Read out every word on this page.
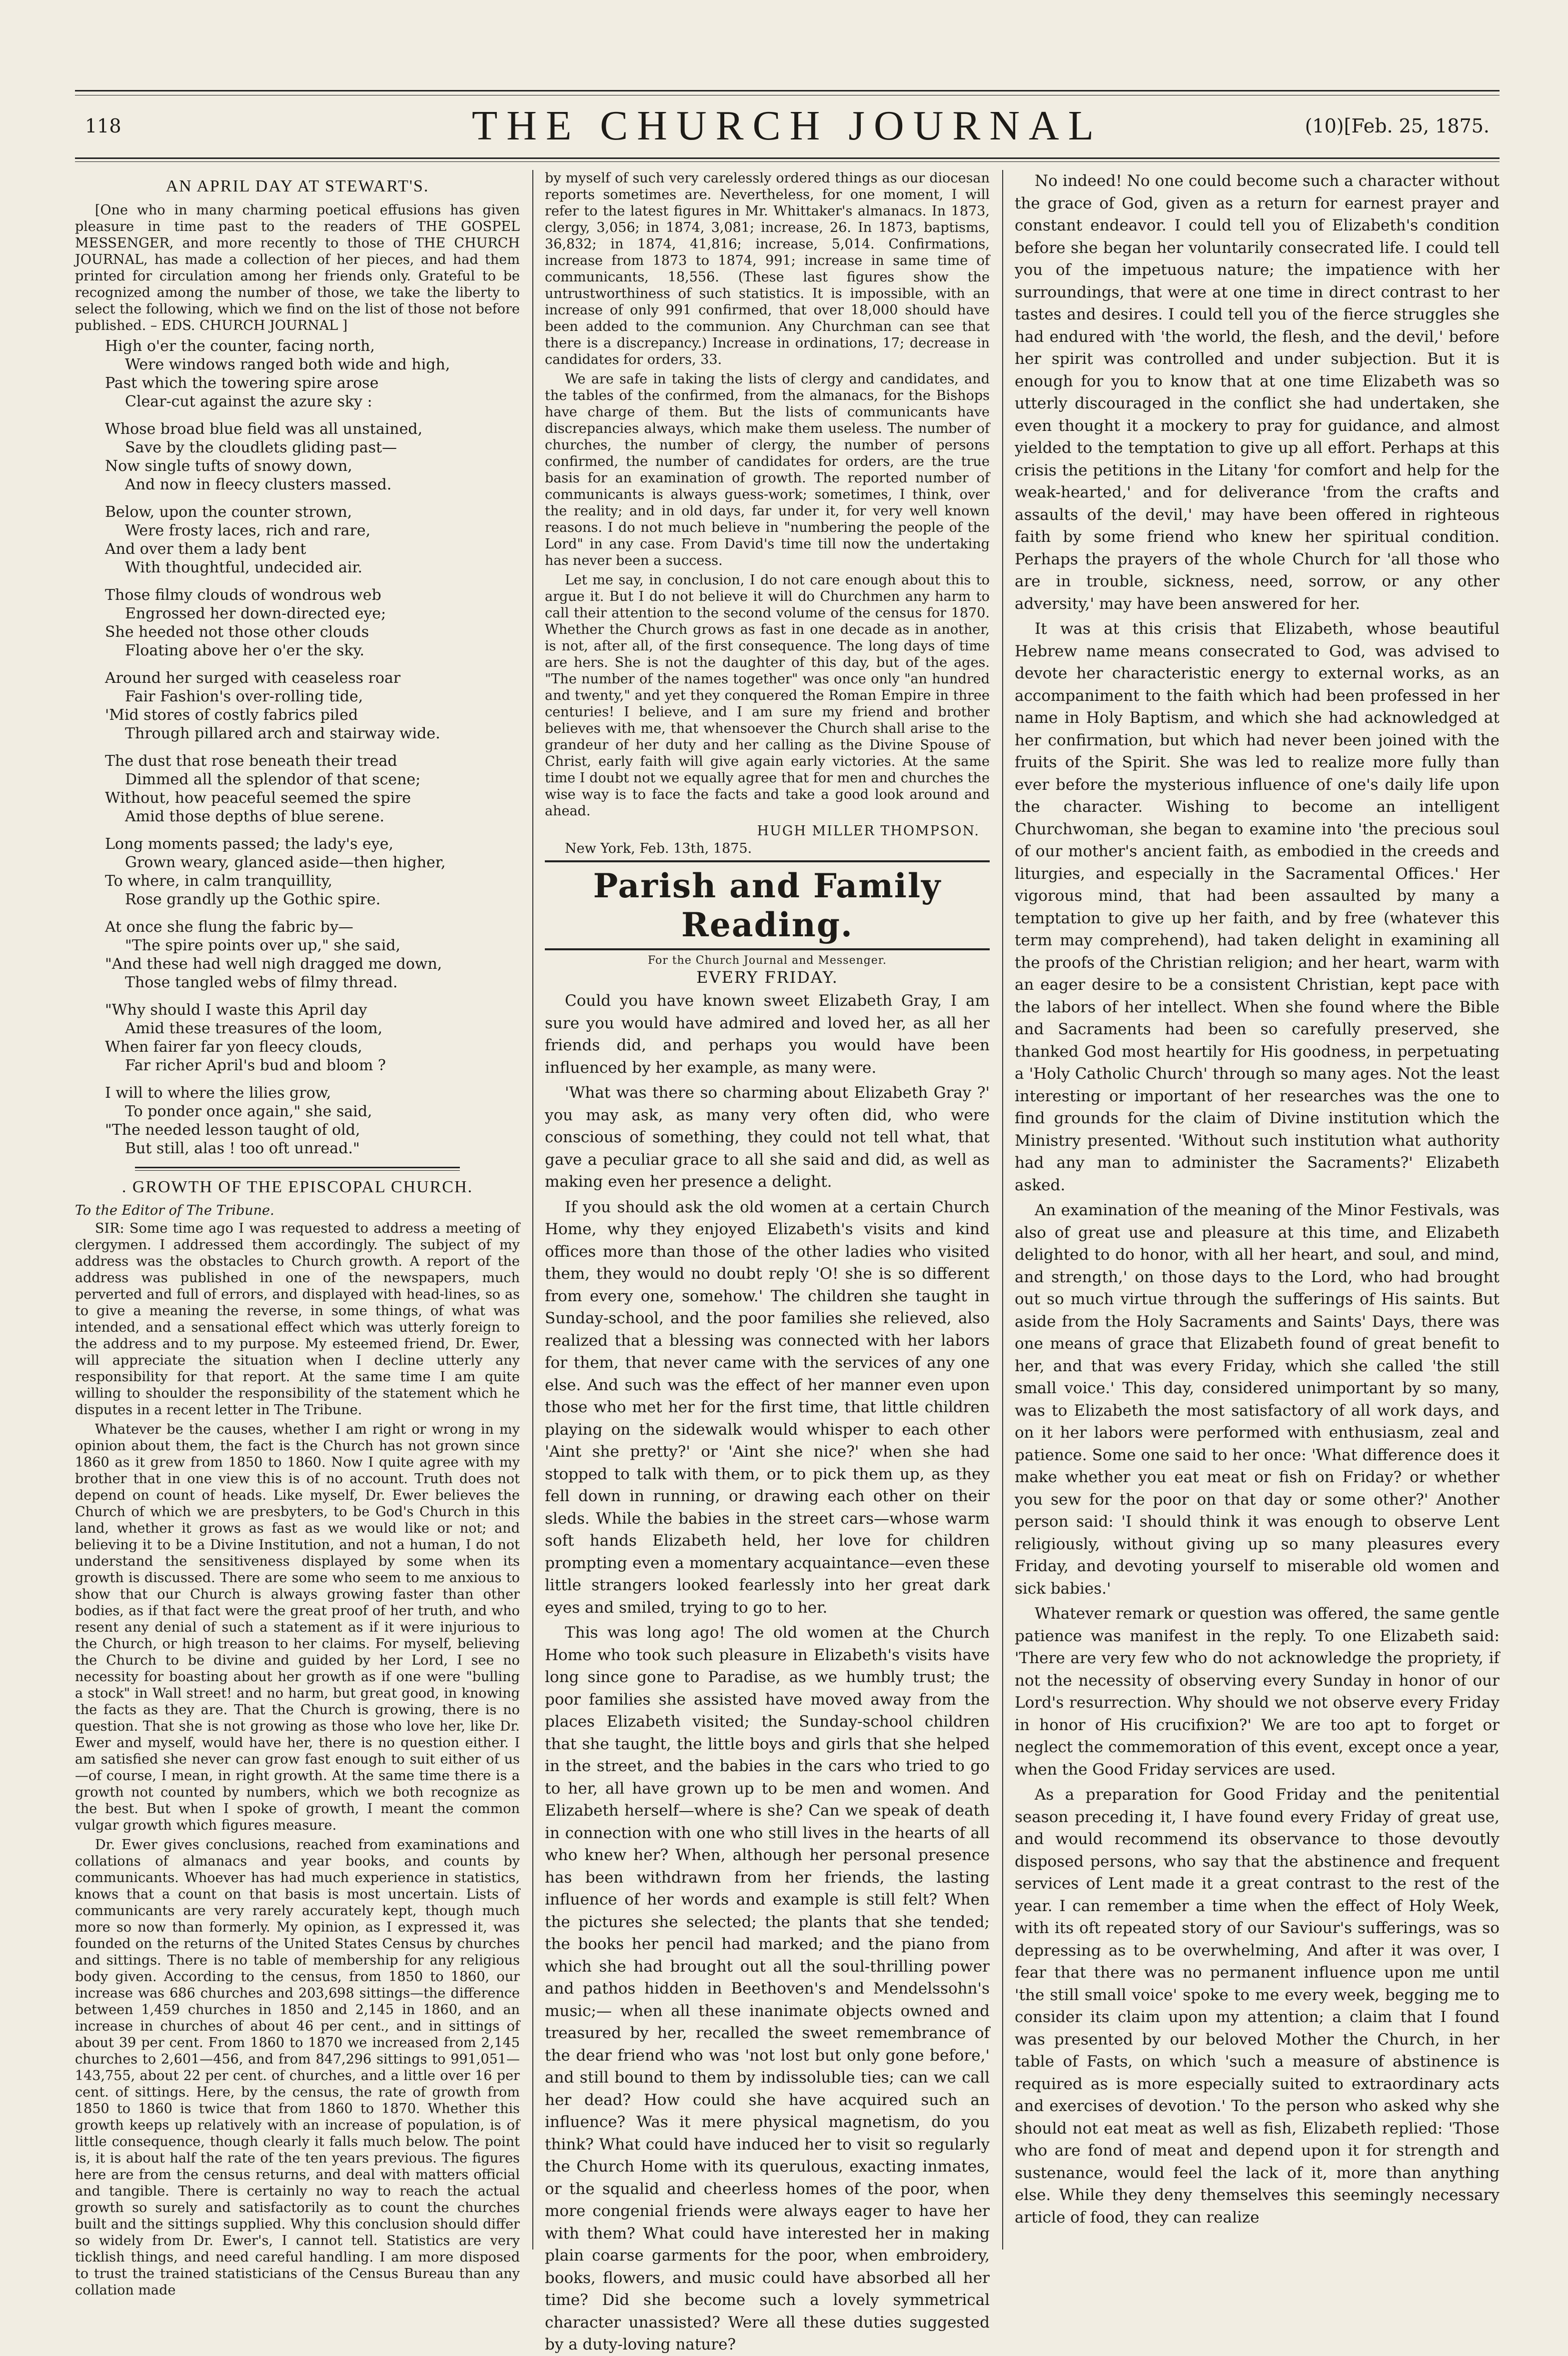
118	THE CHURCH JOURNAL	(10)[Feb. 25, 1875.
AN APRIL DAY AT STEWART'S.

[One who in many charming poetical effusions has given pleasure in time past to the readers of THE GOSPEL MESSENGER, and more recently to those of THE CHURCH JOURNAL, has made a collection of her pieces, and had them printed for circulation among her friends only. Grateful to be recognized among the number of those, we take the liberty to select the following, which we find on the list of those not before published. – EDS. CHURCH JOURNAL ]

High o'er the counter, facing north,
Were windows ranged both wide and high,
Past which the towering spire arose
Clear-cut against the azure sky :
Whose broad blue field was all unstained,
Save by the cloudlets gliding past—
Now single tufts of snowy down,
And now in fleecy clusters massed.
Below, upon the counter strown,
Were frosty laces, rich and rare,
And over them a lady bent
With thoughtful, undecided air.
Those filmy clouds of wondrous web
Engrossed her down-directed eye;
She heeded not those other clouds
Floating above her o'er the sky.
Around her surged with ceaseless roar
Fair Fashion's over-rolling tide,
'Mid stores of costly fabrics piled
Through pillared arch and stairway wide.
The dust that rose beneath their tread
Dimmed all the splendor of that scene;
Without, how peaceful seemed the spire
Amid those depths of blue serene.
Long moments passed; the lady's eye,
Grown weary, glanced aside—then higher,
To where, in calm tranquillity,
Rose grandly up the Gothic spire.
At once she flung the fabric by—
"The spire points over up," she said,
"And these had well nigh dragged me down,
Those tangled webs of filmy thread.
"Why should I waste this April day
Amid these treasures of the loom,
When fairer far yon fleecy clouds,
Far richer April's bud and bloom ?
I will to where the lilies grow,
To ponder once again," she said,
"The needed lesson taught of old,
But still, alas ! too oft unread."
. GROWTH OF THE EPISCOPAL CHURCH.
To the Editor of The Tribune.

SIR: Some time ago I was requested to address a meeting of clergymen. I addressed them accordingly. The subject of my address was the obstacles to Church growth. A report of the address was published in one of the newspapers, much perverted and full of errors, and displayed with head-lines, so as to give a meaning the reverse, in some things, of what was intended, and a sensational effect which was utterly foreign to the address and to my purpose. My esteemed friend, Dr. Ewer, will appreciate the situation when I decline utterly any responsibility for that report. At the same time I am quite willing to shoulder the responsibility of the statement which he disputes in a recent letter in The Tribune.

Whatever be the causes, whether I am right or wrong in my opinion about them, the fact is the Church has not grown since 1860 as it grew from 1850 to 1860. Now I quite agree with my brother that in one view this is of no account. Truth does not depend on count of heads. Like myself, Dr. Ewer believes the Church of which we are presbyters, to be God's Church in this land, whether it grows as fast as we would like or not; and believing it to be a Divine Institution, and not a human, I do not understand the sensitiveness displayed by some when its growth is discussed. There are some who seem to me anxious to show that our Church is always growing faster than other bodies, as if that fact were the great proof of her truth, and who resent any denial of such a statement as if it were injurious to the Church, or high treason to her claims. For myself, believing the Church to be divine and guided by her Lord, I see no necessity for boasting about her growth as if one were "bulling a stock" in Wall street! and no harm, but great good, in knowing the facts as they are. That the Church is growing, there is no question. That she is not growing as those who love her, like Dr. Ewer and myself, would have her, there is no question either. I am satisfied she never can grow fast enough to suit either of us—of course, I mean, in right growth. At the same time there is a growth not counted by numbers, which we both recognize as the best. But when I spoke of growth, I meant the common vulgar growth which figures measure.

Dr. Ewer gives conclusions, reached from examinations and collations of almanacs and year books, and counts by communicants. Whoever has had much experience in statistics, knows that a count on that basis is most uncertain. Lists of communicants are very rarely accurately kept, though much more so now than formerly. My opinion, as I expressed it, was founded on the returns of the United States Census by churches and sittings. There is no table of membership for any religious body given. According to the census, from 1850 to 1860, our increase was 686 churches and 203,698 sittings—the difference between 1,459 churches in 1850 and 2,145 in 1860, and an increase in churches of about 46 per cent., and in sittings of about 39 per cent. From 1860 to 1870 we increased from 2,145 churches to 2,601—456, and from 847,296 sittings to 991,051—143,755, about 22 per cent. of churches, and a little over 16 per cent. of sittings. Here, by the census, the rate of growth from 1850 to 1860 is twice that from 1860 to 1870. Whether this growth keeps up relatively with an increase of population, is of little consequence, though clearly it falls much below. The point is, it is about half the rate of the ten years previous. The figures here are from the census returns, and deal with matters official and tangible. There is certainly no way to reach the actual growth so surely and satisfactorily as to count the churches built and the sittings supplied. Why this conclusion should differ so widely from Dr. Ewer's, I cannot tell. Statistics are very ticklish things, and need careful handling. I am more disposed to trust the trained statisticians of the Census Bureau than any collation made

by myself of such very carelessly ordered things as our diocesan reports sometimes are. Nevertheless, for one moment, I will refer to the latest figures in Mr. Whittaker's almanacs. In 1873, clergy, 3,056; in 1874, 3,081; increase, 26. In 1873, baptisms, 36,832; in 1874, 41,816; increase, 5,014. Confirmations, increase from 1873 to 1874, 991; increase in same time of communicants, 18,556. (These last figures show the untrustworthiness of such statistics. It is impossible, with an increase of only 991 confirmed, that over 18,000 should have been added to the communion. Any Churchman can see that there is a discrepancy.) Increase in ordinations, 17; decrease in candidates for orders, 33.

We are safe in taking the lists of clergy and candidates, and the tables of the confirmed, from the almanacs, for the Bishops have charge of them. But the lists of communicants have discrepancies always, which make them useless. The number of churches, the number of clergy, the number of persons confirmed, the number of candidates for orders, are the true basis for an examination of growth. The reported number of communicants is always guess-work; sometimes, I think, over the reality; and in old days, far under it, for very well known reasons. I do not much believe in "numbering the people of the Lord" in any case. From David's time till now the undertaking has never been a success.

Let me say, in conclusion, I do not care enough about this to argue it. But I do not believe it will do Churchmen any harm to call their attention to the second volume of the census for 1870. Whether the Church grows as fast in one decade as in another, is not, after all, of the first consequence. The long days of time are hers. She is not the daughter of this day, but of the ages. "The number of the names together" was once only "an hundred and twenty," and yet they conquered the Roman Empire in three centuries! I believe, and I am sure my friend and brother believes with me, that whensoever the Church shall arise to the grandeur of her duty and her calling as the Divine Spouse of Christ, early faith will give again early victories. At the same time I doubt not we equally agree that for men and churches the wise way is to face the facts and take a good look around and ahead.

HUGH MILLER THOMPSON.
New York, Feb. 13th, 1875.
Parish and Family Reading.
For the Church Journal and Messenger.
EVERY FRIDAY.

Could you have known sweet Elizabeth Gray, I am sure you would have admired and loved her, as all her friends did, and perhaps you would have been influenced by her example, as many were.

'What was there so charming about Elizabeth Gray ?' you may ask, as many very often did, who were conscious of something, they could not tell what, that gave a peculiar grace to all she said and did, as well as making even her presence a delight.

If you should ask the old women at a certain Church Home, why they enjoyed Elizabeth's visits and kind offices more than those of the other ladies who visited them, they would no doubt reply 'O! she is so different from every one, somehow.' The children she taught in Sunday-school, and the poor families she relieved, also realized that a blessing was connected with her labors for them, that never came with the services of any one else. And such was the effect of her manner even upon those who met her for the first time, that little children playing on the sidewalk would whisper to each other 'Aint she pretty?' or 'Aint she nice?' when she had stopped to talk with them, or to pick them up, as they fell down in running, or drawing each other on their sleds. While the babies in the street cars—whose warm soft hands Elizabeth held, her love for children prompting even a momentary acquaintance—even these little strangers looked fearlessly into her great dark eyes and smiled, trying to go to her.

This was long ago! The old women at the Church Home who took such pleasure in Elizabeth's visits have long since gone to Paradise, as we humbly trust; the poor families she assisted have moved away from the places Elizabeth visited; the Sunday-school children that she taught, the little boys and girls that she helped in the street, and the babies in the cars who tried to go to her, all have grown up to be men and women. And Elizabeth herself—where is she? Can we speak of death in connection with one who still lives in the hearts of all who knew her? When, although her personal presence has been withdrawn from her friends, the lasting influence of her words and example is still felt? When the pictures she selected; the plants that she tended; the books her pencil had marked; and the piano from which she had brought out all the soul-thrilling power and pathos hidden in Beethoven's and Mendelssohn's music;— when all these inanimate objects owned and treasured by her, recalled the sweet remembrance of the dear friend who was 'not lost but only gone before,' and still bound to them by indissoluble ties; can we call her dead? How could she have acquired such an influence? Was it mere physical magnetism, do you think? What could have induced her to visit so regularly the Church Home with its querulous, exacting inmates, or the squalid and cheerless homes of the poor, when more congenial friends were always eager to have her with them? What could have interested her in making plain coarse garments for the poor, when embroidery, books, flowers, and music could have absorbed all her time? Did she become such a lovely symmetrical character unassisted? Were all these duties suggested by a duty-loving nature?

No indeed! No one could become such a character without the grace of God, given as a return for earnest prayer and constant endeavor. I could tell you of Elizabeth's condition before she began her voluntarily consecrated life. I could tell you of the impetuous nature; the impatience with her surroundings, that were at one time in direct contrast to her tastes and desires. I could tell you of the fierce struggles she had endured with 'the world, the flesh, and the devil,' before her spirit was controlled and under subjection. But it is enough for you to know that at one time Elizabeth was so utterly discouraged in the conflict she had undertaken, she even thought it a mockery to pray for guidance, and almost yielded to the temptation to give up all effort. Perhaps at this crisis the petitions in the Litany 'for comfort and help for the weak-hearted,' and for deliverance 'from the crafts and assaults of the devil,' may have been offered in righteous faith by some friend who knew her spiritual condition. Perhaps the prayers of the whole Church for 'all those who are in trouble, sickness, need, sorrow, or any other adversity,' may have been answered for her.

It was at this crisis that Elizabeth, whose beautiful Hebrew name means consecrated to God, was advised to devote her characteristic energy to external works, as an accompaniment to the faith which had been professed in her name in Holy Baptism, and which she had acknowledged at her confirmation, but which had never been joined with the fruits of the Spirit. She was led to realize more fully than ever before the mysterious influence of one's daily life upon the character. Wishing to become an intelligent Churchwoman, she began to examine into 'the precious soul of our mother's ancient faith, as embodied in the creeds and liturgies, and especially in the Sacramental Offices.' Her vigorous mind, that had been assaulted by many a temptation to give up her faith, and by free (whatever this term may comprehend), had taken delight in examining all the proofs of the Christian religion; and her heart, warm with an eager desire to be a consistent Christian, kept pace with the labors of her intellect. When she found where the Bible and Sacraments had been so carefully preserved, she thanked God most heartily for His goodness, in perpetuating a 'Holy Catholic Church' through so many ages. Not the least interesting or important of her researches was the one to find grounds for the claim of Divine institution which the Ministry presented. 'Without such institution what authority had any man to administer the Sacraments?' Elizabeth asked.

An examination of the meaning of the Minor Festivals, was also of great use and pleasure at this time, and Elizabeth delighted to do honor, with all her heart, and soul, and mind, and strength,' on those days to the Lord, who had brought out so much virtue through the sufferings of His saints. But aside from the Holy Sacraments and Saints' Days, there was one means of grace that Elizabeth found of great benefit to her, and that was every Friday, which she called 'the still small voice.' This day, considered unimportant by so many, was to Elizabeth the most satisfactory of all work days, and on it her labors were performed with enthusiasm, zeal and patience. Some one said to her once: 'What difference does it make whether you eat meat or fish on Friday? or whether you sew for the poor on that day or some other?' Another person said: 'I should think it was enough to observe Lent religiously, without giving up so many pleasures every Friday, and devoting yourself to miserable old women and sick babies.'

Whatever remark or question was offered, the same gentle patience was manifest in the reply. To one Elizabeth said: 'There are very few who do not acknowledge the propriety, if not the necessity of observing every Sunday in honor of our Lord's resurrection. Why should we not observe every Friday in honor of His crucifixion?' We are too apt to forget or neglect the commemoration of this event, except once a year, when the Good Friday services are used.

As a preparation for Good Friday and the penitential season preceding it, I have found every Friday of great use, and would recommend its observance to those devoutly disposed persons, who say that the abstinence and frequent services of Lent made it a great contrast to the rest of the year. I can remember a time when the effect of Holy Week, with its oft repeated story of our Saviour's sufferings, was so depressing as to be overwhelming, And after it was over, I fear that there was no permanent influence upon me until 'the still small voice' spoke to me every week, begging me to consider its claim upon my attention; a claim that I found was presented by our beloved Mother the Church, in her table of Fasts, on which 'such a measure of abstinence is required as is more especially suited to extraordinary acts and exercises of devotion.' To the person who asked why she should not eat meat as well as fish, Elizabeth replied: 'Those who are fond of meat and depend upon it for strength and sustenance, would feel the lack of it, more than anything else. While they deny themselves this seemingly necessary article of food, they can realize
